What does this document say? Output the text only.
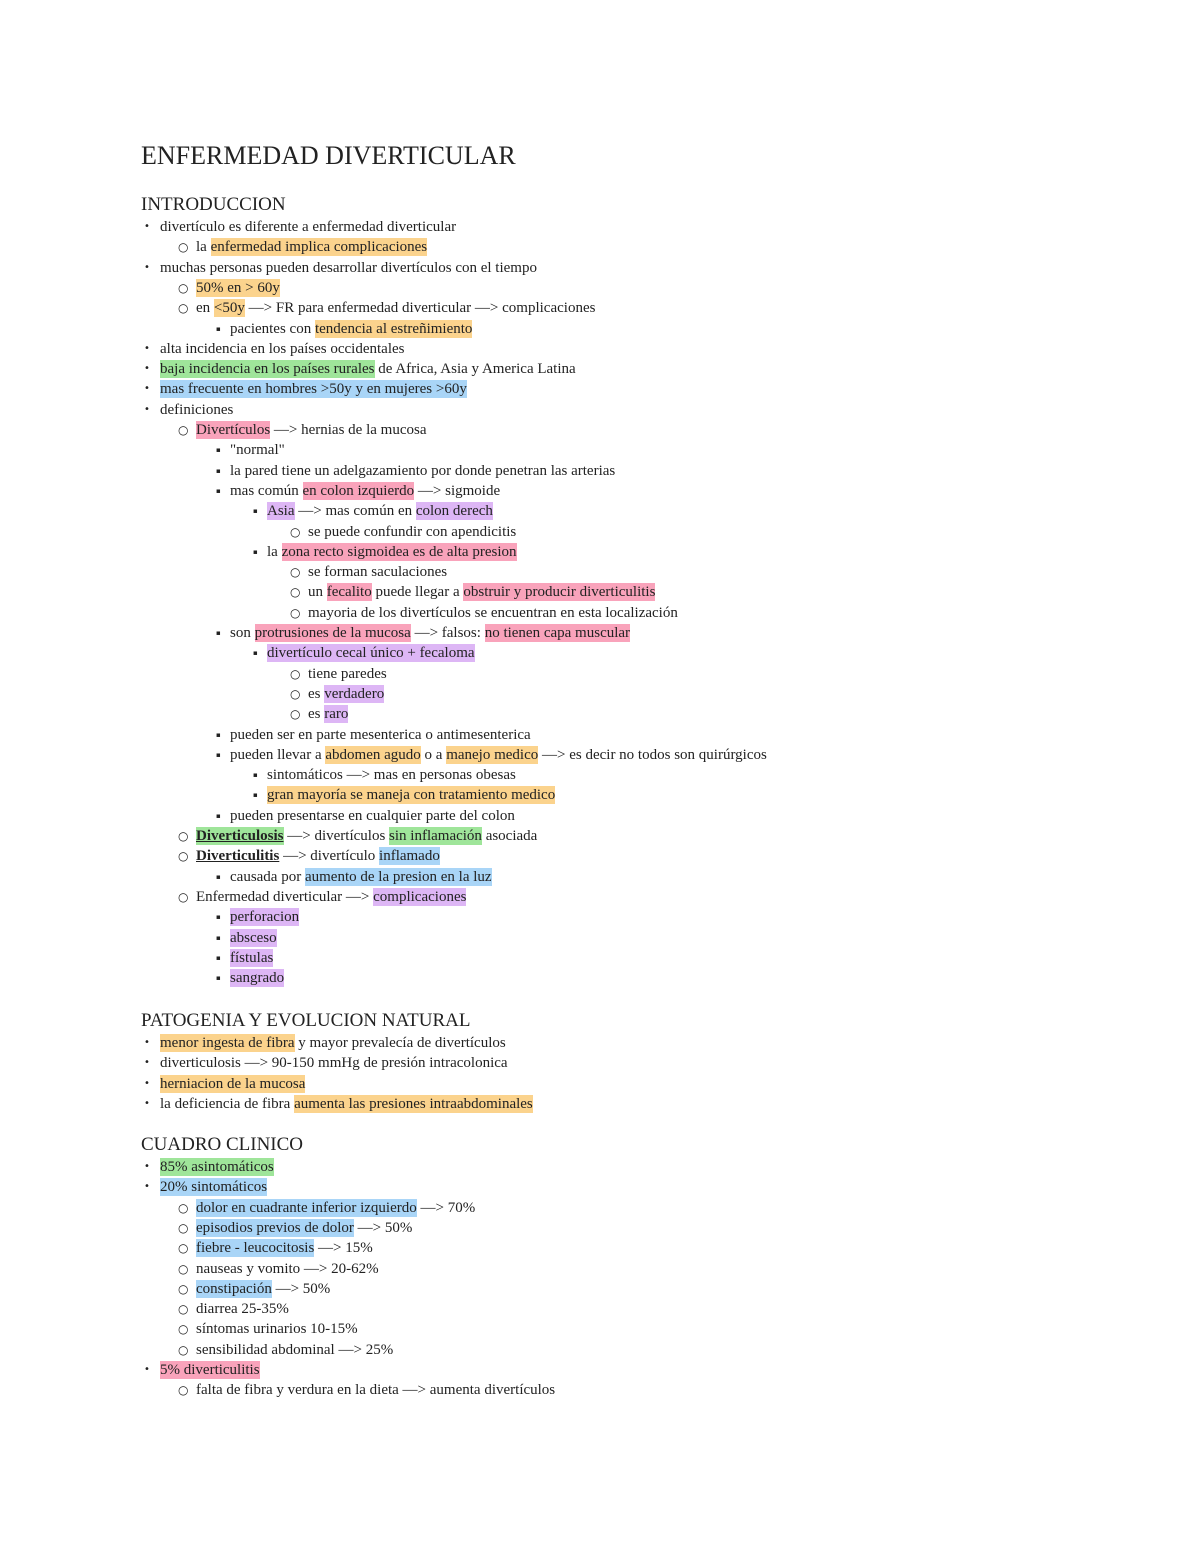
ENFERMEDAD DIVERTICULAR
INTRODUCCION
• divertículo es diferente a enfermedad diverticular
○ la enfermedad implica complicaciones
• muchas personas pueden desarrollar divertículos con el tiempo
○ 50% en > 60y
○ en <50y —> FR para enfermedad diverticular —> complicaciones
▪ pacientes con tendencia al estreñimiento
• alta incidencia en los países occidentales
• baja incidencia en los países rurales de Africa, Asia y America Latina
• mas frecuente en hombres >50y y en mujeres >60y
• definiciones
○ Divertículos —> hernias de la mucosa
▪ "normal"
▪ la pared tiene un adelgazamiento por donde penetran las arterias
▪ mas común en colon izquierdo —> sigmoide
▪ Asia —> mas común en colon derech
○ se puede confundir con apendicitis
▪ la zona recto sigmoidea es de alta presion
○ se forman saculaciones
○ un fecalito puede llegar a obstruir y producir diverticulitis
○ mayoria de los divertículos se encuentran en esta localización
▪ son protrusiones de la mucosa —> falsos: no tienen capa muscular
▪ divertículo cecal único + fecaloma
○ tiene paredes
○ es verdadero
○ es raro
▪ pueden ser en parte mesenterica o antimesenterica
▪ pueden llevar a abdomen agudo o a manejo medico —> es decir no todos son quirúrgicos
▪ sintomáticos —> mas en personas obesas
▪ gran mayoría se maneja con tratamiento medico
▪ pueden presentarse en cualquier parte del colon
○ Diverticulosis —> divertículos sin inflamación asociada
○ Diverticulitis —> divertículo inflamado
▪ causada por aumento de la presion en la luz
○ Enfermedad diverticular —> complicaciones
▪ perforacion
▪ absceso
▪ fístulas
▪ sangrado
PATOGENIA Y EVOLUCION NATURAL
• menor ingesta de fibra y mayor prevalecía de divertículos
• diverticulosis —> 90-150 mmHg de presión intracolonica
• herniacion de la mucosa
• la deficiencia de fibra aumenta las presiones intraabdominales
CUADRO CLINICO
• 85% asintomáticos
• 20% sintomáticos
○ dolor en cuadrante inferior izquierdo —> 70%
○ episodios previos de dolor —> 50%
○ fiebre - leucocitosis —> 15%
○ nauseas y vomito —> 20-62%
○ constipación —> 50%
○ diarrea 25-35%
○ síntomas urinarios 10-15%
○ sensibilidad abdominal —> 25%
• 5% diverticulitis
○ falta de fibra y verdura en la dieta —> aumenta divertículos
